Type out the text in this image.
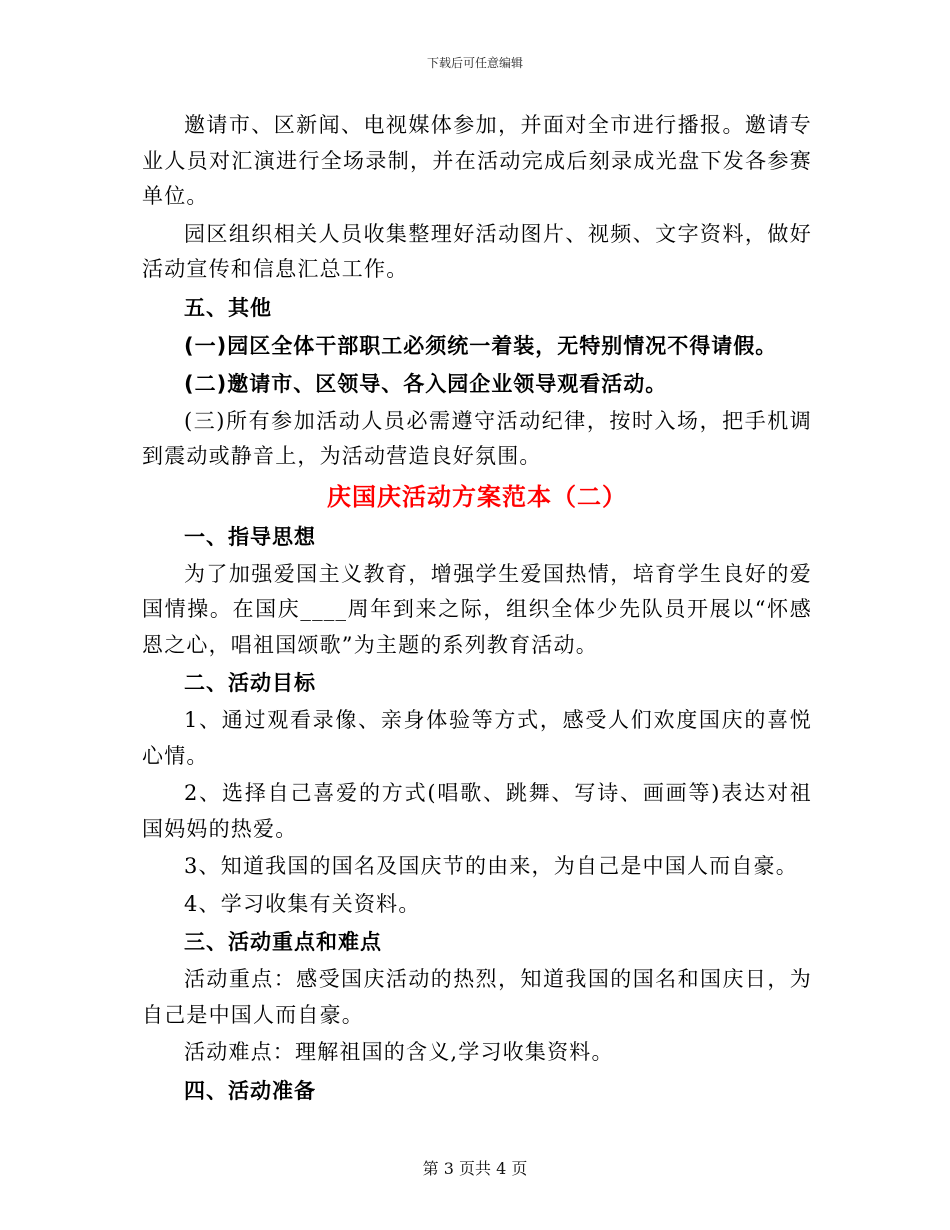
下载后可任意编辑

邀请市、区新闻、电视媒体参加，并面对全市进行播报。邀请专业人员对汇演进行全场录制，并在活动完成后刻录成光盘下发各参赛单位。

园区组织相关人员收集整理好活动图片、视频、文字资料，做好活动宣传和信息汇总工作。

五、其他

(一)园区全体干部职工必须统一着装，无特别情况不得请假。

(二)邀请市、区领导、各入园企业领导观看活动。

(三)所有参加活动人员必需遵守活动纪律，按时入场，把手机调到震动或静音上，为活动营造良好氛围。

庆国庆活动方案范本（二）

一、指导思想

为了加强爱国主义教育，增强学生爱国热情，培育学生良好的爱国情操。在国庆____周年到来之际，组织全体少先队员开展以“怀感恩之心，唱祖国颂歌”为主题的系列教育活动。

二、活动目标

1、通过观看录像、亲身体验等方式，感受人们欢度国庆的喜悦心情。

2、选择自己喜爱的方式(唱歌、跳舞、写诗、画画等)表达对祖国妈妈的热爱。

3、知道我国的国名及国庆节的由来，为自己是中国人而自豪。

4、学习收集有关资料。

三、活动重点和难点

活动重点：感受国庆活动的热烈，知道我国的国名和国庆日，为自己是中国人而自豪。

活动难点：理解祖国的含义,学习收集资料。

四、活动准备

第 3 页共 4 页
